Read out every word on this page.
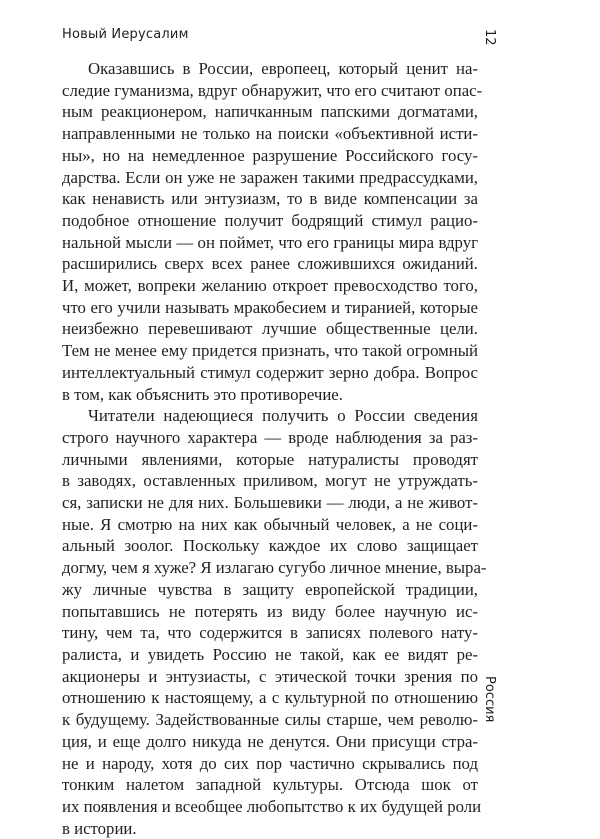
Новый Иерусалим	12
Россия

Оказавшись в России, европеец, который ценит на-
следие гуманизма, вдруг обнаружит, что его считают опас-
ным реакционером, напичканным папскими догматами,
направленными не только на поиски «объективной исти-
ны», но на немедленное разрушение Российского госу-
дарства. Если он уже не заражен такими предрассудками,
как ненависть или энтузиазм, то в виде компенсации за
подобное отношение получит бодрящий стимул рацио-
нальной мысли — он поймет, что его границы мира вдруг
расширились сверх всех ранее сложившихся ожиданий.
И, может, вопреки желанию откроет превосходство того,
что его учили называть мракобесием и тиранией, которые
неизбежно перевешивают лучшие общественные цели.
Тем не менее ему придется признать, что такой огромный
интеллектуальный стимул содержит зерно добра. Вопрос
в том, как объяснить это противоречие.

Читатели надеющиеся получить о России сведения
строго научного характера — вроде наблюдения за раз-
личными явлениями, которые натуралисты проводят
в заводях, оставленных приливом, могут не утруждать-
ся, записки не для них. Большевики — люди, а не живот-
ные. Я смотрю на них как обычный человек, а не соци-
альный зоолог. Поскольку каждое их слово защищает
догму, чем я хуже? Я излагаю сугубо личное мнение, выра-
жу личные чувства в защиту европейской традиции,
попытавшись не потерять из виду более научную ис-
тину, чем та, что содержится в записях полевого нату-
ралиста, и увидеть Россию не такой, как ее видят ре-
акционеры и энтузиасты, с этической точки зрения по
отношению к настоящему, а с культурной по отношению
к будущему. Задействованные силы старше, чем револю-
ция, и еще долго никуда не денутся. Они присущи стра-
не и народу, хотя до сих пор частично скрывались под
тонким налетом западной культуры. Отсюда шок от
их появления и всеобщее любопытство к их будущей роли
в истории.
